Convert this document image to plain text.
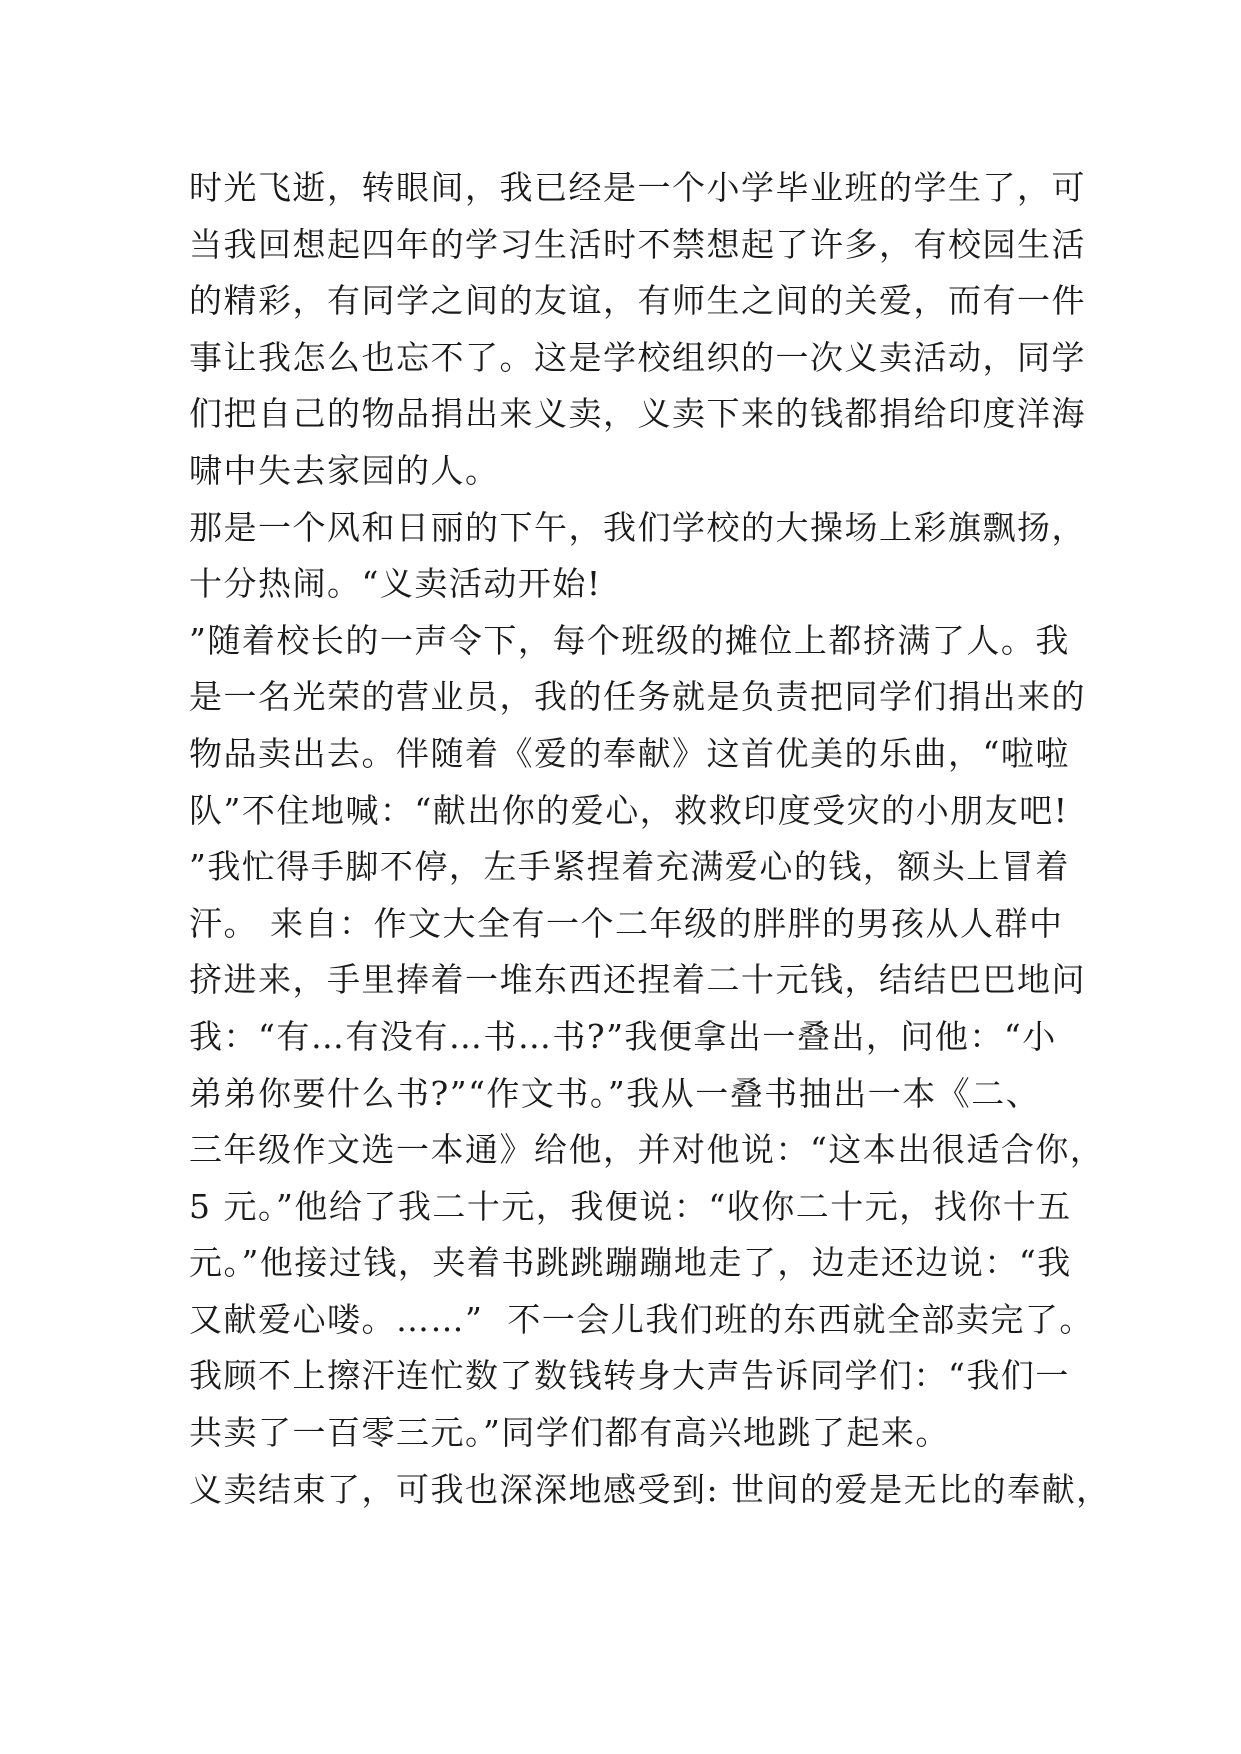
时光飞逝，转眼间，我已经是一个小学毕业班的学生了，可
当我回想起四年的学习生活时不禁想起了许多，有校园生活
的精彩，有同学之间的友谊，有师生之间的关爱，而有一件
事让我怎么也忘不了。这是学校组织的一次义卖活动，同学
们把自己的物品捐出来义卖，义卖下来的钱都捐给印度洋海
啸中失去家园的人。
那是一个风和日丽的下午，我们学校的大操场上彩旗飘扬，
十分热闹。“义卖活动开始!
”随着校长的一声令下，每个班级的摊位上都挤满了人。我
是一名光荣的营业员，我的任务就是负责把同学们捐出来的
物品卖出去。伴随着《爱的奉献》这首优美的乐曲，“啦啦
队”不住地喊：“献出你的爱心，救救印度受灾的小朋友吧!
”我忙得手脚不停，左手紧捏着充满爱心的钱，额头上冒着
汗。 来自：作文大全有一个二年级的胖胖的男孩从人群中
挤进来，手里捧着一堆东西还捏着二十元钱，结结巴巴地问
我：“有…有没有…书…书?”我便拿出一叠出，问他：“小
弟弟你要什么书?”“作文书。”我从一叠书抽出一本《二、
三年级作文选一本通》给他，并对他说：“这本出很适合你，
5 元。”他给了我二十元，我便说：“收你二十元，找你十五
元。”他接过钱，夹着书跳跳蹦蹦地走了，边走还边说：“我
又献爱心喽。……”  不一会儿我们班的东西就全部卖完了。
我顾不上擦汗连忙数了数钱转身大声告诉同学们：“我们一
共卖了一百零三元。”同学们都有高兴地跳了起来。
义卖结束了，可我也深深地感受到: 世间的爱是无比的奉献，
